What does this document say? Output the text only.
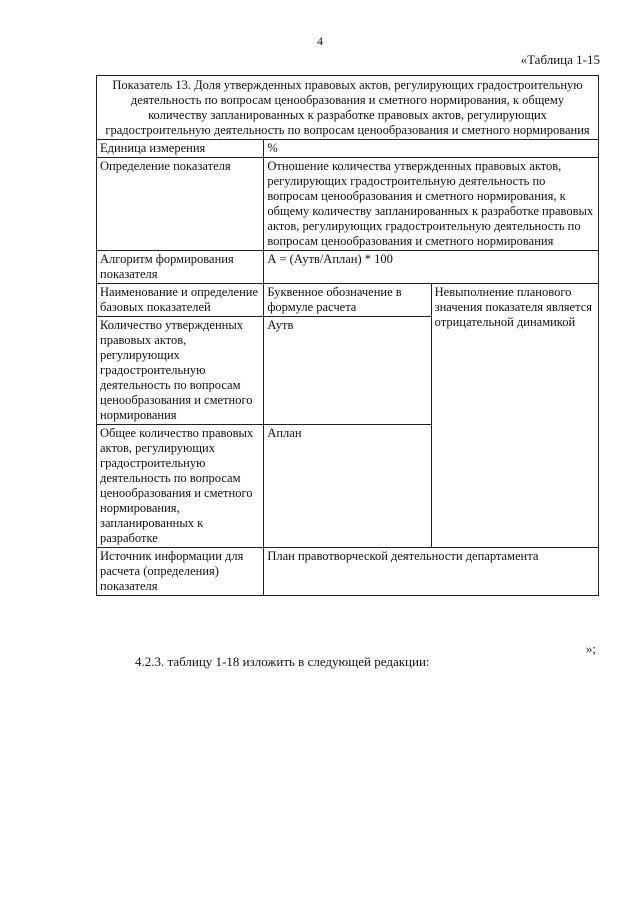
4
«Таблица 1-15
Показатель 13. Доля утвержденных правовых актов, регулирующих градостроительную деятельность по вопросам ценообразования и сметного нормирования, к общему количеству запланированных к разработке правовых актов, регулирующих градостроительную деятельность по вопросам ценообразования и сметного нормирования		
Единица измерения	%	
Определение показателя	Отношение количества утвержденных правовых актов, регулирующих градостроительную деятельность по вопросам ценообразования и сметного нормирования, к общему количеству запланированных к разработке правовых актов, регулирующих градостроительную деятельность по вопросам ценообразования и сметного нормирования	
Алгоритм формирования показателя	А = (Аутв/Аплан) * 100	
Наименование и определение базовых показателей	Буквенное обозначение в формуле расчета	Невыполнение планового значения показателя является отрицательной динамикой
Количество утвержденных правовых актов, регулирующих градостроительную деятельность по вопросам ценообразования и сметного нормирования	Аутв	
Общее количество правовых актов, регулирующих градостроительную деятельность по вопросам ценообразования и сметного нормирования, запланированных к разработке	Аплан	
Источник информации для расчета (определения) показателя	План правотворческой деятельности департамента	
»;
4.2.3. таблицу 1-18 изложить в следующей редакции:
